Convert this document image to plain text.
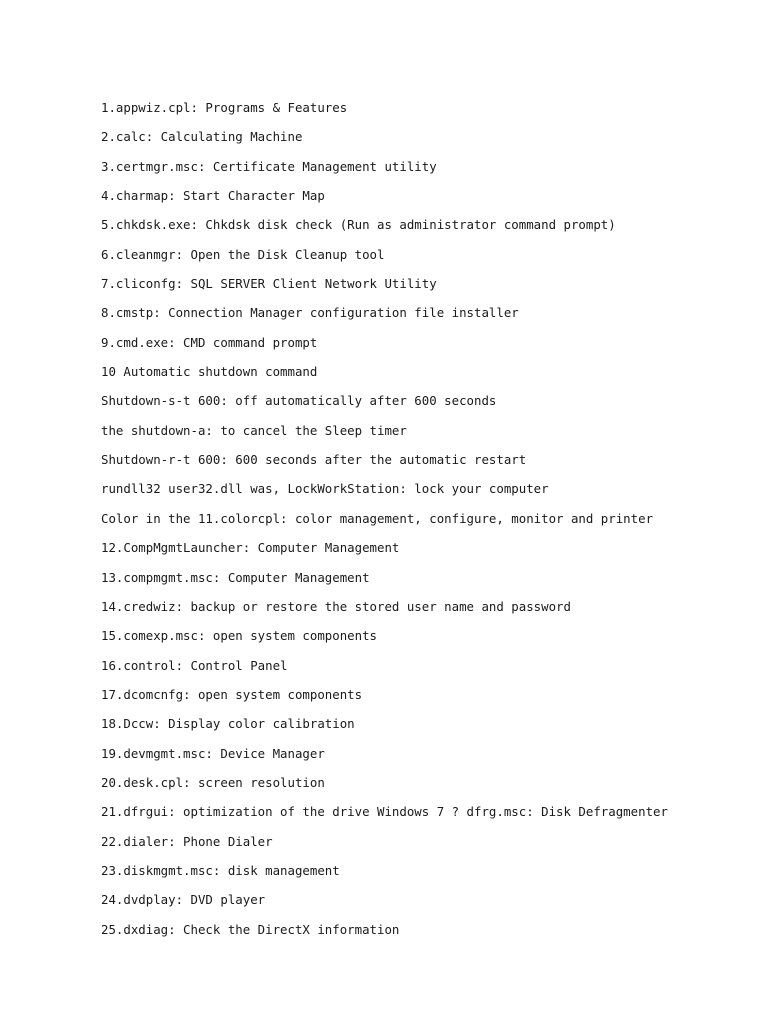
1.appwiz.cpl: Programs & Features
2.calc: Calculating Machine
3.certmgr.msc: Certificate Management utility
4.charmap: Start Character Map
5.chkdsk.exe: Chkdsk disk check (Run as administrator command prompt)
6.cleanmgr: Open the Disk Cleanup tool
7.cliconfg: SQL SERVER Client Network Utility
8.cmstp: Connection Manager configuration file installer
9.cmd.exe: CMD command prompt
10 Automatic shutdown command
Shutdown-s-t 600: off automatically after 600 seconds
the shutdown-a: to cancel the Sleep timer
Shutdown-r-t 600: 600 seconds after the automatic restart
rundll32 user32.dll was, LockWorkStation: lock your computer
Color in the 11.colorcpl: color management, configure, monitor and printer
12.CompMgmtLauncher: Computer Management
13.compmgmt.msc: Computer Management
14.credwiz: backup or restore the stored user name and password
15.comexp.msc: open system components
16.control: Control Panel
17.dcomcnfg: open system components
18.Dccw: Display color calibration
19.devmgmt.msc: Device Manager
20.desk.cpl: screen resolution
21.dfrgui: optimization of the drive Windows 7 ? dfrg.msc: Disk Defragmenter
22.dialer: Phone Dialer
23.diskmgmt.msc: disk management
24.dvdplay: DVD player
25.dxdiag: Check the DirectX information
